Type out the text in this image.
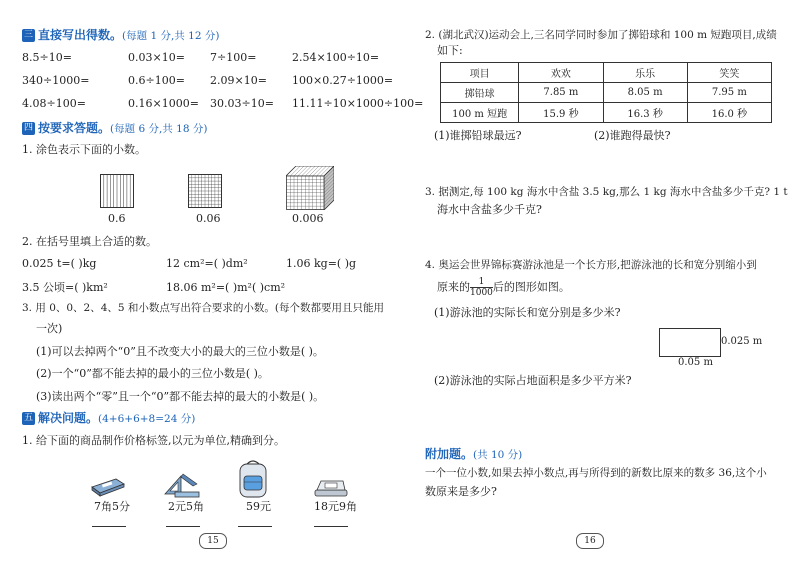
三 直接写出得数。(每题 1 分,共 12 分)
8.5÷10=	0.03×10= 7÷100=	2.54×100÷10=
340÷1000=	0.6÷100= 2.09×10= 100×0.27÷1000=
4.08÷100=	0.16×1000= 30.03÷10= 11.11÷10×1000÷100=
四 按要求答题。(每题 6 分,共 18 分)
1. 涂色表示下面的小数。
0.6	0.06	0.006
2. 在括号里填上合适的数。
0.025 t=( )kg	12 cm²=( )dm²	1.06 kg=( )g
3.5 公顷=( )km²	18.06 m²=( )m²( )cm²
3. 用 0、0、2、4、5 和小数点写出符合要求的小数。(每个数都要用且只能用
一次)
(1)可以去掉两个“0”且不改变大小的最大的三位小数是( )。
(2)一个“0”都不能去掉的最小的三位小数是( )。
(3)读出两个“零”且一个“0”都不能去掉的最大的小数是( )。
五 解决问题。(4+6+6+8=24 分)
1. 给下面的商品制作价格标签,以元为单位,精确到分。
7角5分	2元5角	59元	18元9角
15
2. (湖北武汉)运动会上,三名同学同时参加了掷铅球和 100 m 短跑项目,成绩
如下:
项目	欢欢	乐乐	笑笑
掷铅球	7.85 m	8.05 m	7.95 m
100 m 短跑	15.9 秒	16.3 秒	16.0 秒
(1)谁掷铅球最远?	(2)谁跑得最快?
3. 据测定,每 100 kg 海水中含盐 3.5 kg,那么 1 kg 海水中含盐多少千克? 1 t
海水中含盐多少千克?
4. 奥运会世界锦标赛游泳池是一个长方形,把游泳池的长和宽分别缩小到
原来的 $\frac{1}{1000}$ 后的图形如图。
(1)游泳池的实际长和宽分别是多少米?
0.025 m
0.05 m
(2)游泳池的实际占地面积是多少平方米?
附加题。(共 10 分)
一个一位小数,如果去掉小数点,再与所得到的新数比原来的数多 36,这个小
数原来是多少?
16
